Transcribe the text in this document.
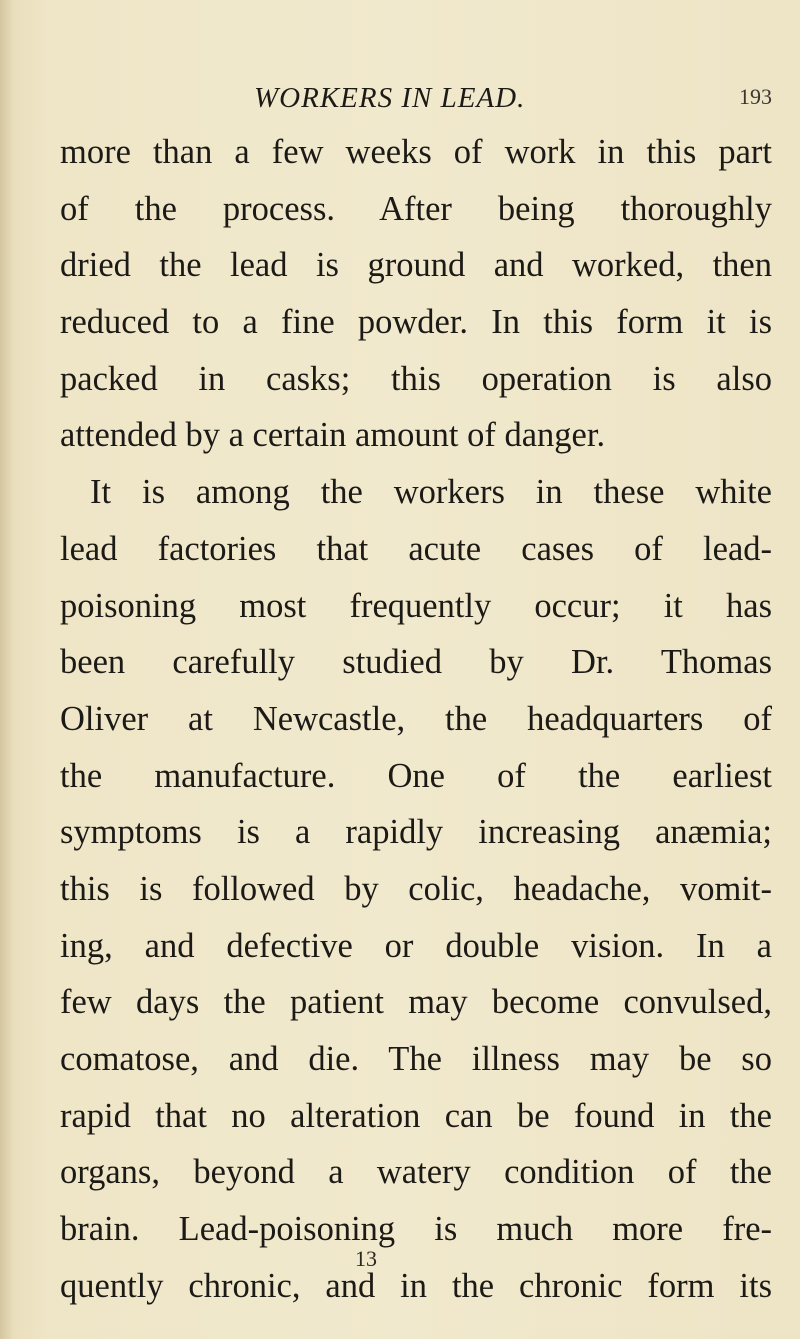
WORKERS IN LEAD.	193
more than a few weeks of work in this part
of the process. After being thoroughly
dried the lead is ground and worked, then
reduced to a fine powder. In this form it is
packed in casks; this operation is also
attended by a certain amount of danger.
It is among the workers in these white
lead factories that acute cases of lead-
poisoning most frequently occur; it has
been carefully studied by Dr. Thomas
Oliver at Newcastle, the headquarters of
the manufacture. One of the earliest
symptoms is a rapidly increasing anæmia;
this is followed by colic, headache, vomit-
ing, and defective or double vision. In a
few days the patient may become convulsed,
comatose, and die. The illness may be so
rapid that no alteration can be found in the
organs, beyond a watery condition of the
brain. Lead-poisoning is much more fre-
quently chronic, and in the chronic form its
13
